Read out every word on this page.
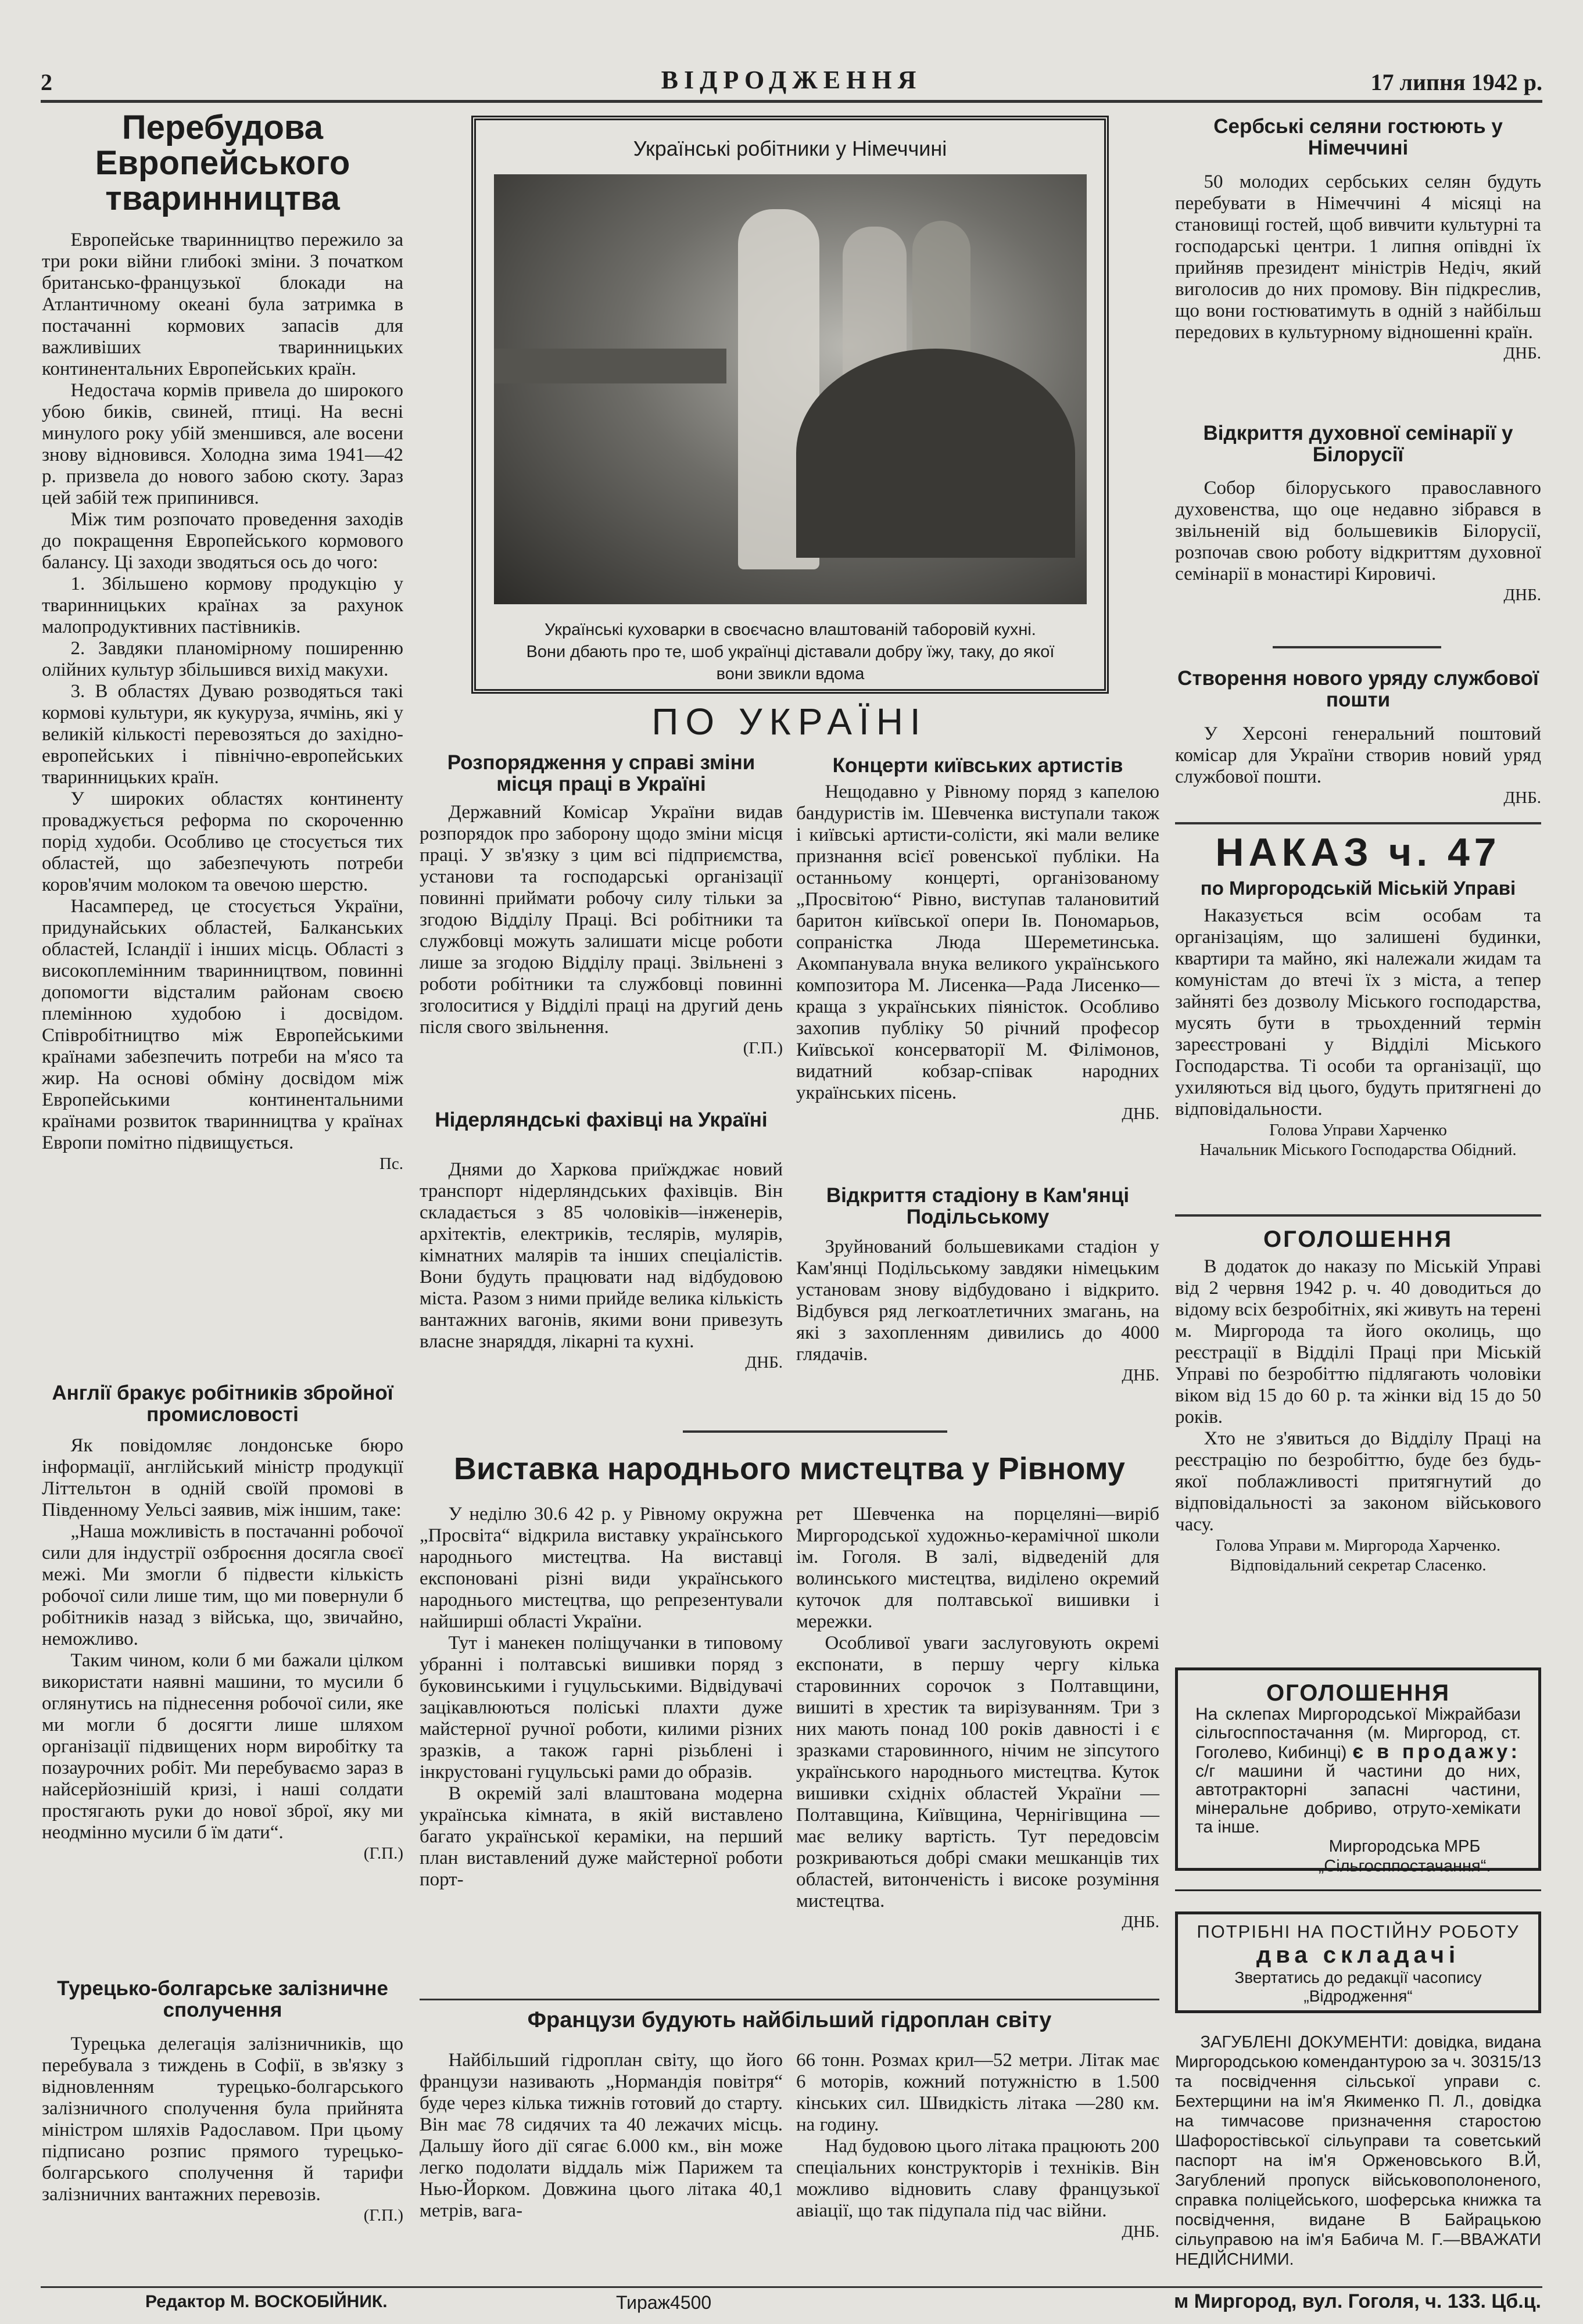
2	ВІДРОДЖЕННЯ	17 липня 1942 р.
Перебудова Европейського тваринництва

Европейське тваринництво пережило за три роки війни глибокі зміни. З початком британсько-французької блокади на Атлантичному океані була затримка в постачанні кормових запасів для важливіших тваринницьких континентальних Европейських країн.

Недостача кормів привела до широкого убою биків, свиней, птиці. На весні минулого року убій зменшився, але восени знову відновився. Холодна зима 1941—42 р. призвела до нового забою скоту. Зараз цей забій теж припинився.

Між тим розпочато проведення заходів до покращення Европейського кормового балансу. Ці заходи зводяться ось до чого:

1. Збільшено кормову продукцію у тваринницьких країнах за рахунок малопродуктивних пастівників.

2. Завдяки планомірному поширенню олійних культур збільшився вихід макухи.

3. В областях Дуваю розводяться такі кормові культури, як кукуруза, ячмінь, які у великій кількості перевозяться до західно-европейських і північно-европейських тваринницьких країн.

У широких областях континенту проваджується реформа по скороченню порід худоби. Особливо це стосується тих областей, що забезпечують потреби коров'ячим молоком та овечою шерстю.

Насамперед, це стосується України, придунайських областей, Балканських областей, Ісландії і інших місць. Області з високоплемінним тваринництвом, повинні допомогти відсталим районам своєю племінною худобою і досвідом. Співробітництво між Европейськими країнами забезпечить потреби на м'ясо та жир. На основі обміну досвідом між Европейськими континентальними країнами розвиток тваринництва у країнах Европи помітно підвищується.

Пс.
Англії бракує робітників збройної промисловості

Як повідомляє лондонське бюро інформації, англійський міністр продукції Літтельтон в одній своїй промові в Південному Уельсі заявив, між іншим, таке:

„Наша можливість в постачанні робочої сили для індустрії озброєння досягла своєї межі. Ми змогли б підвести кількість робочої сили лише тим, що ми повернули б робітників назад з війська, що, звичайно, неможливо.

Таким чином, коли б ми бажали цілком використати наявні машини, то мусили б оглянутись на піднесення робочої сили, яке ми могли б досягти лише шляхом організації підвищених норм виробітку та позаурочних робіт. Ми перебуваємо зараз в найсерйознішій кризі, і наші солдати простягають руки до нової зброї, яку ми неодмінно мусили б їм дати“.

(Г.П.)
Турецько-болгарське залізничне сполучення

Турецька делегація залізничників, що перебувала з тиждень в Софії, в зв'язку з відновленням турецько-болгарського залізничного сполучення була прийнята міністром шляхів Радославом. При цьому підписано розпис прямого турецько-болгарського сполучення й тарифи залізничних вантажних перевозів.

(Г.П.)
Українські робітники у Німеччині
Українські куховарки в своєчасно влаштованій таборовій кухні.
Вони дбають про те, шоб українці діставали добру їжу, таку, до якої
вони звикли вдома
ПО УКРАЇНІ
Розпорядження у справі зміни місця праці в Україні

Державний Комісар України видав розпорядок про заборону щодо зміни місця праці. У зв'язку з цим всі підприємства, установи та господарські організації повинні приймати робочу силу тільки за згодою Відділу Праці. Всі робітники та службовці можуть залишати місце роботи лише за згодою Відділу праці. Звільнені з роботи робітники та службовці повинні зголоситися у Відділі праці на другий день після свого звільнення.

(Г.П.)
Нідерляндські фахівці на Україні

Днями до Харкова приїжджає новий транспорт нідерляндських фахівців. Він складається з 85 чоловіків—інженерів, архітектів, електриків, теслярів, мулярів, кімнатних малярів та інших спеціалістів. Вони будуть працювати над відбудовою міста. Разом з ними прийде велика кількість вантажних вагонів, якими вони привезуть власне знаряддя, лікарні та кухні.

ДНБ.
Концерти київських артистів

Нещодавно у Рівному поряд з капелою бандуристів ім. Шевченка виступали також і київські артисти-солісти, які мали велике признання всієї ровенської публіки. На останньому концерті, організованому „Просвітою“ Рівно, виступав талановитий баритон київської опери Ів. Пономарьов, сопраністка Люда Шереметинська. Акомпанувала внука великого українського композитора М. Лисенка—Рада Лисенко—краща з українських піяністок. Особливо захопив публіку 50 річний професор Київської консерваторії М. Філімонов, видатний кобзар-співак народних українських пісень.

ДНБ.
Відкриття стадіону в Кам'янці Подільському

Зруйнований большевиками стадіон у Кам'янці Подільському завдяки німецьким установам знову відбудовано і відкрито. Відбувся ряд легкоатлетичних змагань, на які з захопленням дивились до 4000 глядачів.

ДНБ.
Виставка народнього мистецтва у Рівному

У неділю 30.6 42 р. у Рівному окружна „Просвіта“ відкрила виставку українського народнього мистецтва. На виставці експоновані різні види українського народнього мистецтва, що репрезентували найширші області України.

Тут і манекен поліщучанки в типовому убранні і полтавські вишивки поряд з буковинськими і гуцульськими. Відвідувачі зацікавлюються поліські плахти дуже майстерної ручної роботи, килими різних зразків, а також гарні різьблені і інкрустовані гуцульські рами до образів.

В окремій залі влаштована модерна українська кімната, в якій виставлено багато української кераміки, на перший план виставлений дуже майстерної роботи порт-

рет Шевченка на порцеляні—виріб Миргородської художньо-керамічної школи ім. Гоголя. В залі, відведеній для волинського мистецтва, виділено окремий куточок для полтавської вишивки і мережки.

Особливої уваги заслуговують окремі експонати, в першу чергу кілька старовинних сорочок з Полтавщини, вишиті в хрестик та вирізуванням. Три з них мають понад 100 років давності і є зразками старовинного, нічим не зіпсутого українського народнього мистецтва. Куток вишивки східніх областей України —Полтавщина, Київщина, Чернігівщина — має велику вартість. Тут передовсім розкриваються добрі смаки мешканців тих областей, витонченість і високе розуміння мистецтва.

ДНБ.
Французи будують найбільший гідроплан світу

Найбільший гідроплан світу, що його французи називають „Нормандія повітря“ буде через кілька тижнів готовий до старту. Він має 78 сидячих та 40 лежачих місць. Дальшу його дії сягає 6.000 км., він може легко подолати віддаль між Парижем та Нью-Йорком. Довжина цього літака 40,1 метрів, вага-

66 тонн. Розмах крил—52 метри. Літак має 6 моторів, кожний потужністю в 1.500 кінських сил. Швидкість літака —280 км. на годину.

Над будовою цього літака працюють 200 спеціальних конструкторів і техніків. Він можливо відновить славу французької авіації, що так підупала під час війни.

ДНБ.
Сербські селяни гостюють у Німеччині

50 молодих сербських селян будуть перебувати в Німеччині 4 місяці на становищі гостей, щоб вивчити культурні та господарські центри. 1 липня опівдні їх прийняв президент міністрів Недіч, який виголосив до них промову. Він підкреслив, що вони гостюватимуть в одній з найбільш передових в культурному відношенні країн.

ДНБ.
Відкриття духовної семінарії у Білорусії

Собор білоруського православного духовенства, що оце недавно зібрався в звільненій від большевиків Білорусії, розпочав свою роботу відкриттям духовної семінарії в монастирі Кировичі.

ДНБ.
Створення нового уряду службової пошти

У Херсоні генеральний поштовий комісар для України створив новий уряд службової пошти.

ДНБ.
НАКАЗ ч. 47
по Миргородській Міській Управі

Наказується всім особам та організаціям, що залишені будинки, квартири та майно, які належали жидам та комуністам до втечі їх з міста, а тепер зайняті без дозволу Міського господарства, мусять бути в трьохденний термін зареєстровані у Відділі Міського Господарства. Ті особи та організації, що ухиляються від цього, будуть притягнені до відповідальности.

Голова Управи Харченко
Начальник Міського Господарства Обідний.
ОГОЛОШЕННЯ

В додаток до наказу по Міській Управі від 2 червня 1942 р. ч. 40 доводиться до відому всіх безробітніх, які живуть на терені м. Миргорода та його околиць, що реєстрації в Відділі Праці при Міській Управі по безробіттю підлягають чоловіки віком від 15 до 60 р. та жінки від 15 до 50 років.

Хто не з'явиться до Відділу Праці на реєстрацію по безробіттю, буде без будь-якої поблажливості притягнутий до відповідальності за законом військового часу.

Голова Управи м. Миргорода Харченко.
Відповідальний секретар Сласенко.
ОГОЛОШЕННЯ
На склепах Миргородської Міжрайбази сільгосппостачання (м. Миргород, ст. Гоголево, Кибинці) є в продажу: с/г машини й частини до них, автотракторні запасні частини, мінеральне добриво, отруто-хемікати та інше.
Миргородська МРБ
„Сільгосппостачання“.
ПОТРІБНІ НА ПОСТІЙНУ РОБОТУ
два складачі
Звертатись до редакції часопису
„Відродження“

ЗАГУБЛЕНІ ДОКУМЕНТИ: довідка, видана Миргородською комендантурою за ч. 30315/13 та посвідчення сільської управи с. Бехтерщини на ім'я Якименко П. Л., довідка на тимчасове призначення старостою Шафоростівської сільуправи та советський паспорт на ім'я Орженовського В.Й, Загублений пропуск військовополоненого, справка поліцейського, шоферська книжка та посвідчення, видане В Байрацькою сільуправою на ім'я Бабича М. Г.—ВВАЖАТИ НЕДІЙСНИМИ.

Редактор М. ВОСКОБІЙНИК.	Тираж4500	м Миргород, вул. Гоголя, ч. 133. Цб.ц.
